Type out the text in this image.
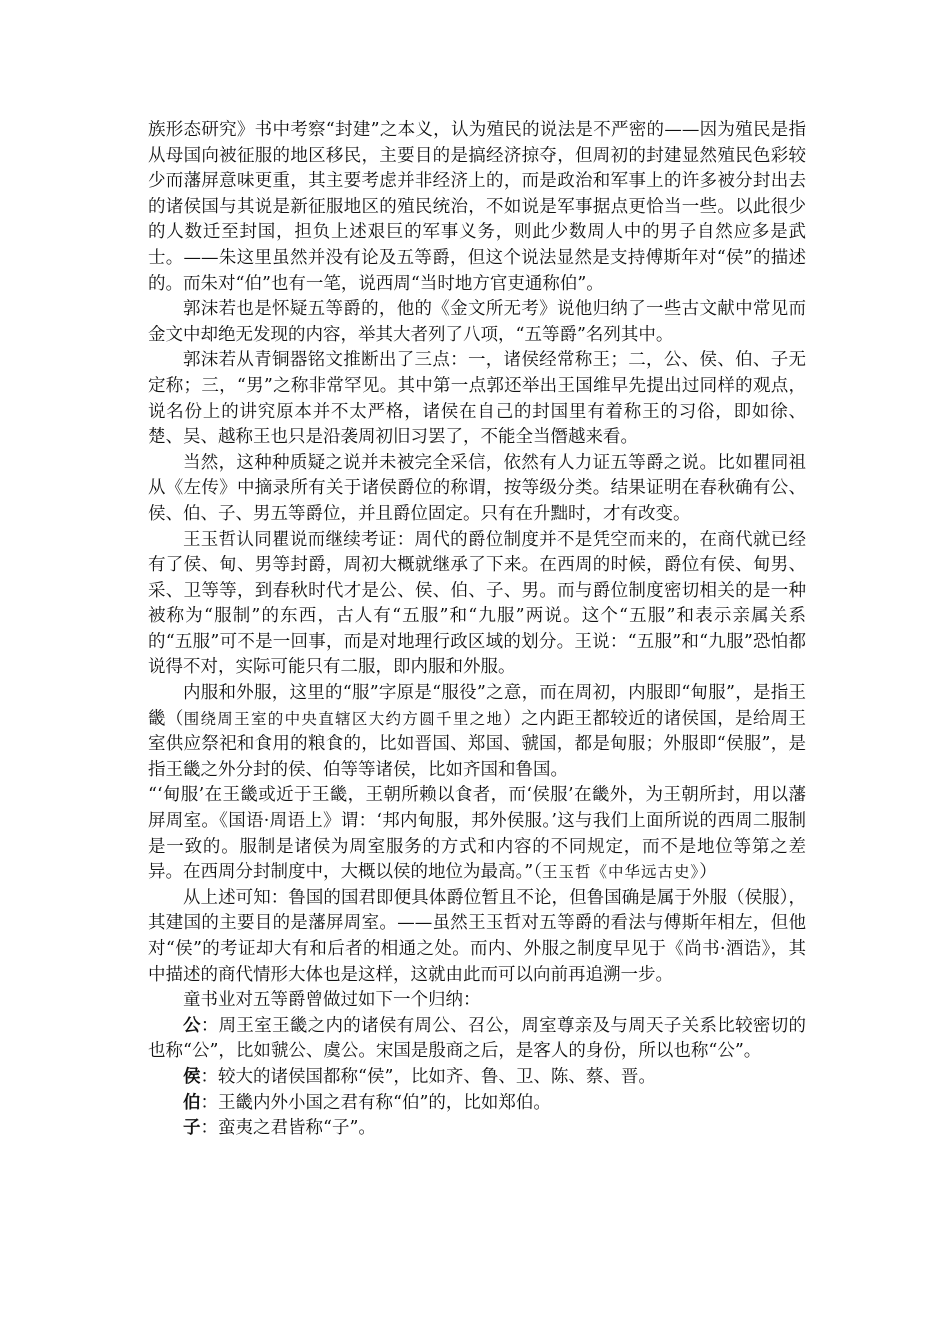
族形态研究》书中考察“封建”之本义，认为殖民的说法是不严密的——因为殖民是指从母国向被征服的地区移民，主要目的是搞经济掠夺，但周初的封建显然殖民色彩较少而藩屏意味更重，其主要考虑并非经济上的，而是政治和军事上的许多被分封出去的诸侯国与其说是新征服地区的殖民统治，不如说是军事据点更恰当一些。以此很少的人数迁至封国，担负上述艰巨的军事义务，则此少数周人中的男子自然应多是武士。——朱这里虽然并没有论及五等爵，但这个说法显然是支持傅斯年对“侯”的描述的。而朱对“伯”也有一笔，说西周“当时地方官吏通称伯”。

郭沫若也是怀疑五等爵的，他的《金文所无考》说他归纳了一些古文献中常见而金文中却绝无发现的内容，举其大者列了八项，“五等爵”名列其中。

郭沫若从青铜器铭文推断出了三点：一，诸侯经常称王；二，公、侯、伯、子无定称；三，“男”之称非常罕见。其中第一点郭还举出王国维早先提出过同样的观点，说名份上的讲究原本并不太严格，诸侯在自己的封国里有着称王的习俗，即如徐、楚、吴、越称王也只是沿袭周初旧习罢了，不能全当僭越来看。

当然，这种种质疑之说并未被完全采信，依然有人力证五等爵之说。比如瞿同祖从《左传》中摘录所有关于诸侯爵位的称谓，按等级分类。结果证明在春秋确有公、侯、伯、子、男五等爵位，并且爵位固定。只有在升黜时，才有改变。

王玉哲认同瞿说而继续考证：周代的爵位制度并不是凭空而来的，在商代就已经有了侯、甸、男等封爵，周初大概就继承了下来。在西周的时候，爵位有侯、甸男、采、卫等等，到春秋时代才是公、侯、伯、子、男。而与爵位制度密切相关的是一种被称为“服制”的东西，古人有“五服”和“九服”两说。这个“五服”和表示亲属关系的“五服”可不是一回事，而是对地理行政区域的划分。王说：“五服”和“九服”恐怕都说得不对，实际可能只有二服，即内服和外服。

内服和外服，这里的“服”字原是“服役”之意，而在周初，内服即“甸服”，是指王畿（围绕周王室的中央直辖区大约方圆千里之地）之内距王都较近的诸侯国，是给周王室供应祭祀和食用的粮食的，比如晋国、郑国、虢国，都是甸服；外服即“侯服”，是指王畿之外分封的侯、伯等等诸侯，比如齐国和鲁国。

“‘甸服’在王畿或近于王畿，王朝所赖以食者，而‘侯服’在畿外，为王朝所封，用以藩屏周室。《国语·周语上》谓：‘邦内甸服，邦外侯服。’这与我们上面所说的西周二服制是一致的。服制是诸侯为周室服务的方式和内容的不同规定，而不是地位等第之差异。在西周分封制度中，大概以侯的地位为最高。”（王玉哲《中华远古史》）

从上述可知：鲁国的国君即便具体爵位暂且不论，但鲁国确是属于外服（侯服），其建国的主要目的是藩屏周室。——虽然王玉哲对五等爵的看法与傅斯年相左，但他对“侯”的考证却大有和后者的相通之处。而内、外服之制度早见于《尚书·酒诰》，其中描述的商代情形大体也是这样，这就由此而可以向前再追溯一步。

童书业对五等爵曾做过如下一个归纳：

公：周王室王畿之内的诸侯有周公、召公，周室尊亲及与周天子关系比较密切的也称“公”，比如虢公、虞公。宋国是殷商之后，是客人的身份，所以也称“公”。

侯：较大的诸侯国都称“侯”，比如齐、鲁、卫、陈、蔡、晋。

伯：王畿内外小国之君有称“伯”的，比如郑伯。

子：蛮夷之君皆称“子”。
